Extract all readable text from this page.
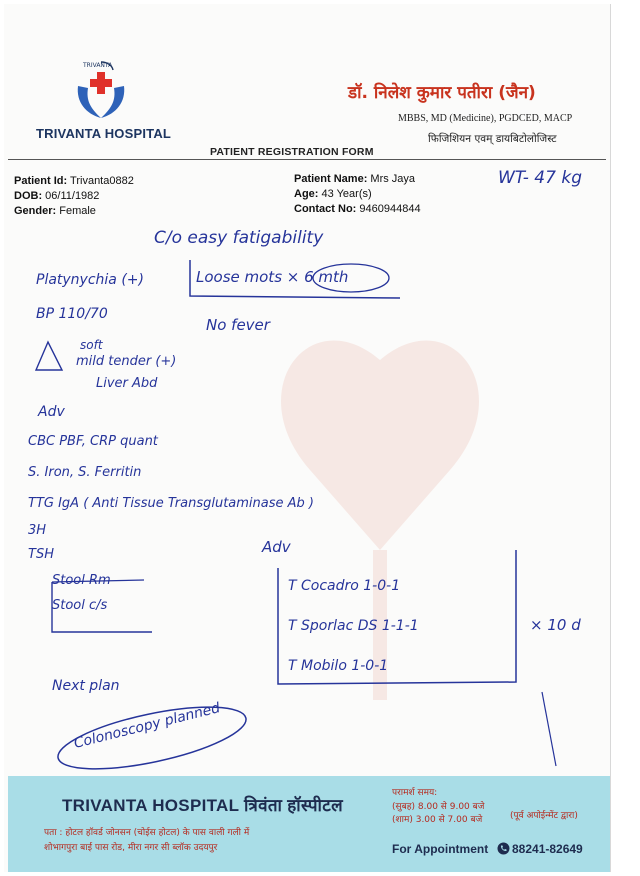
TRIVANTA
TRIVANTA HOSPITAL
डॉ. निलेश कुमार पतीरा (जैन)
MBBS, MD (Medicine), PGDCED, MACP
फिजिशियन एवम् डायबिटोलोजिस्ट
PATIENT REGISTRATION FORM
Patient Id: Trivanta0882
DOB: 06/11/1982
Gender: Female
Patient Name: Mrs Jaya
Age: 43 Year(s)
Contact No: 9460944844
WT- 47 kg
C/o easy fatigability
Loose mots × 6 mth
Platynychia (+)
BP 110/70
No fever
soft
mild tender (+)
Liver Abd
Adv
CBC PBF, CRP quant
S. Iron, S. Ferritin
TTG IgA ( Anti Tissue Transglutaminase Ab )
3H
TSH
Stool Rm
Stool c/s
Adv
T Cocadro 1-0-1
T Sporlac DS 1-1-1
T Mobilo 1-0-1
× 10 d
Next plan
Colonoscopy planned
TRIVANTA HOSPITAL त्रिवंता हॉस्पीटल
पता : होटल हॉवर्ड जोनसन (चोईस होटल) के पास वाली गली में
शोभागपुरा बाई पास रोड, मीरा नगर सी ब्लॉक उदयपुर
परामर्श समय:
(सुबह) 8.00 से 9.00 बजे
(शाम) 3.00 से 7.00 बजे	(पूर्व अपोईन्मेंट द्वारा)
For Appointment 88241-82649
